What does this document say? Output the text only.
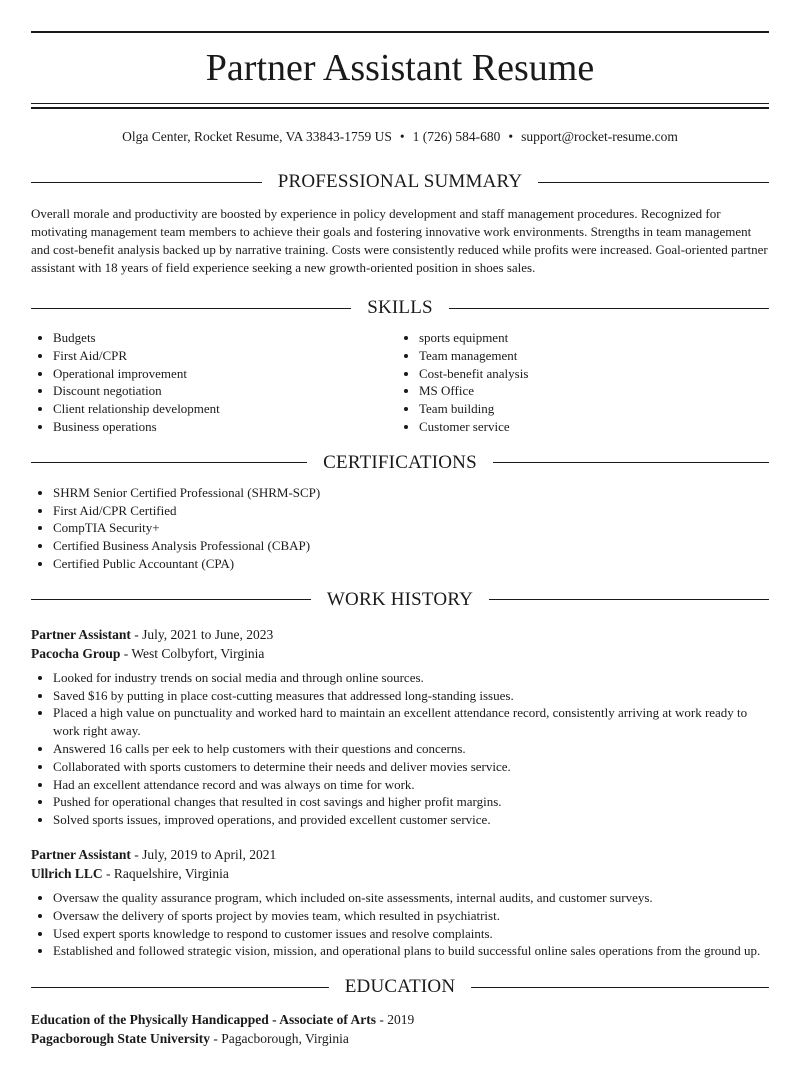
Partner Assistant Resume
Olga Center, Rocket Resume, VA 33843-1759 US • 1 (726) 584-680 • support@rocket-resume.com
PROFESSIONAL SUMMARY

Overall morale and productivity are boosted by experience in policy development and staff management procedures. Recognized for motivating management team members to achieve their goals and fostering innovative work environments. Strengths in team management and cost-benefit analysis backed up by narrative training. Costs were consistently reduced while profits were increased. Goal-oriented partner assistant with 18 years of field experience seeking a new growth-oriented position in shoes sales.

SKILLS
• Budgets
• First Aid/CPR
• Operational improvement
• Discount negotiation
• Client relationship development
• Business operations
• sports equipment
• Team management
• Cost-benefit analysis
• MS Office
• Team building
• Customer service
CERTIFICATIONS
• SHRM Senior Certified Professional (SHRM-SCP)
• First Aid/CPR Certified
• CompTIA Security+
• Certified Business Analysis Professional (CBAP)
• Certified Public Accountant (CPA)
WORK HISTORY
Partner Assistant - July, 2021 to June, 2023
Pacocha Group - West Colbyfort, Virginia
• Looked for industry trends on social media and through online sources.
• Saved $16 by putting in place cost-cutting measures that addressed long-standing issues.
• Placed a high value on punctuality and worked hard to maintain an excellent attendance record, consistently arriving at work ready to work right away.
• Answered 16 calls per eek to help customers with their questions and concerns.
• Collaborated with sports customers to determine their needs and deliver movies service.
• Had an excellent attendance record and was always on time for work.
• Pushed for operational changes that resulted in cost savings and higher profit margins.
• Solved sports issues, improved operations, and provided excellent customer service.
Partner Assistant - July, 2019 to April, 2021
Ullrich LLC - Raquelshire, Virginia
• Oversaw the quality assurance program, which included on-site assessments, internal audits, and customer surveys.
• Oversaw the delivery of sports project by movies team, which resulted in psychiatrist.
• Used expert sports knowledge to respond to customer issues and resolve complaints.
• Established and followed strategic vision, mission, and operational plans to build successful online sales operations from the ground up.
EDUCATION
Education of the Physically Handicapped - Associate of Arts - 2019
Pagacborough State University - Pagacborough, Virginia
